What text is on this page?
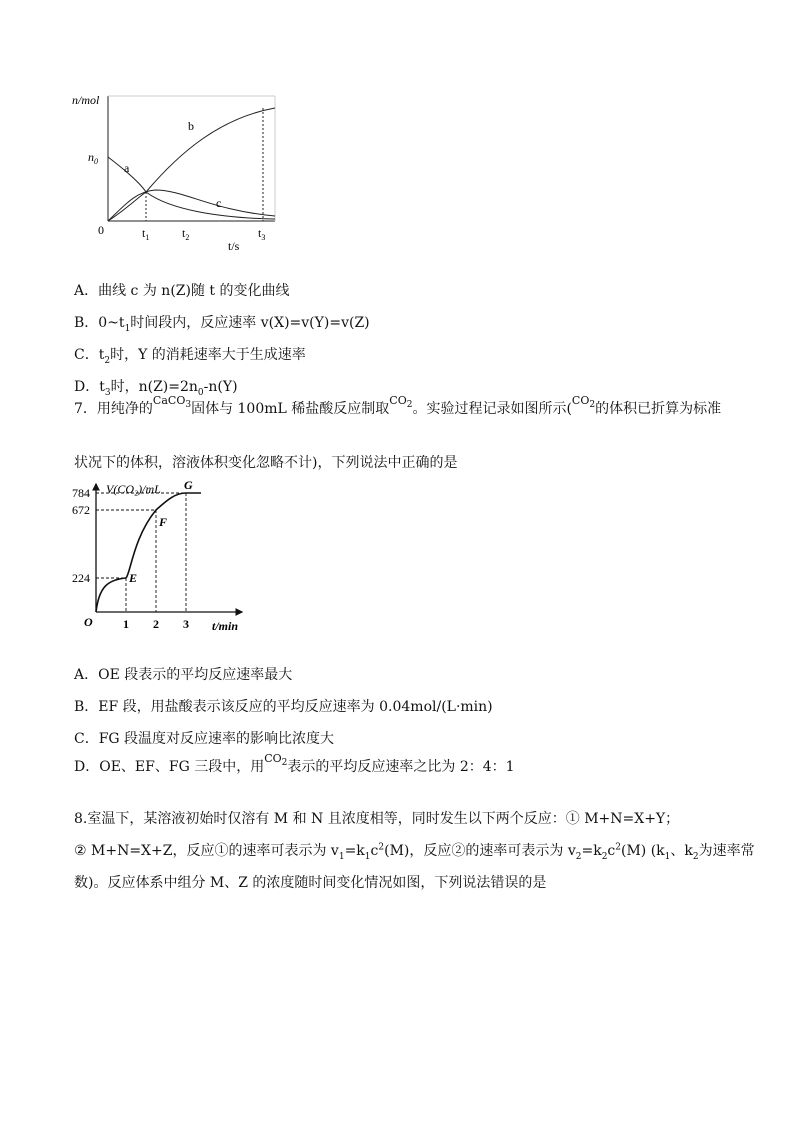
n/mol
$n_0$ a
b
c
0	$t_1$	$t_2$	$t_3$
t/s
A．曲线 c 为 n(Z)随 t 的变化曲线
B．$0\sim t_1$时间段内，反应速率 v(X)=v(Y)=v(Z)
C．$t_2$时，Y 的消耗速率大于生成速率
D．$t_3$时，$n(Z)=2n_0-n(Y)$
7．用纯净的CaCO$_3$固体与 100mL 稀盐酸反应制取$CO_2$。实验过程记录如图所示($CO_2$的体积已折算为标准
状况下的体积，溶液体积变化忽略不计)，下列说法中正确的是
784
672
224
1 2 3
V(CO₂)/mL
t/min
O
E
F
G
A．OE 段表示的平均反应速率最大
B．EF 段，用盐酸表示该反应的平均反应速率为 0.04mol/(L·min)
C．FG 段温度对反应速率的影响比浓度大
D．OE、EF、FG 三段中，用$CO_2$表示的平均反应速率之比为 2：4：1
8.室温下，某溶液初始时仅溶有 M 和 N 且浓度相等，同时发生以下两个反应：① M+N=X+Y；
② M+N=X+Z，反应①的速率可表示为 $v_1=k_1c^2(M)$，反应②的速率可表示为 $v_2=k_2c^2(M)$ ($k_1$、$k_2$为速率常
数)。反应体系中组分 M、Z 的浓度随时间变化情况如图，下列说法错误的是
